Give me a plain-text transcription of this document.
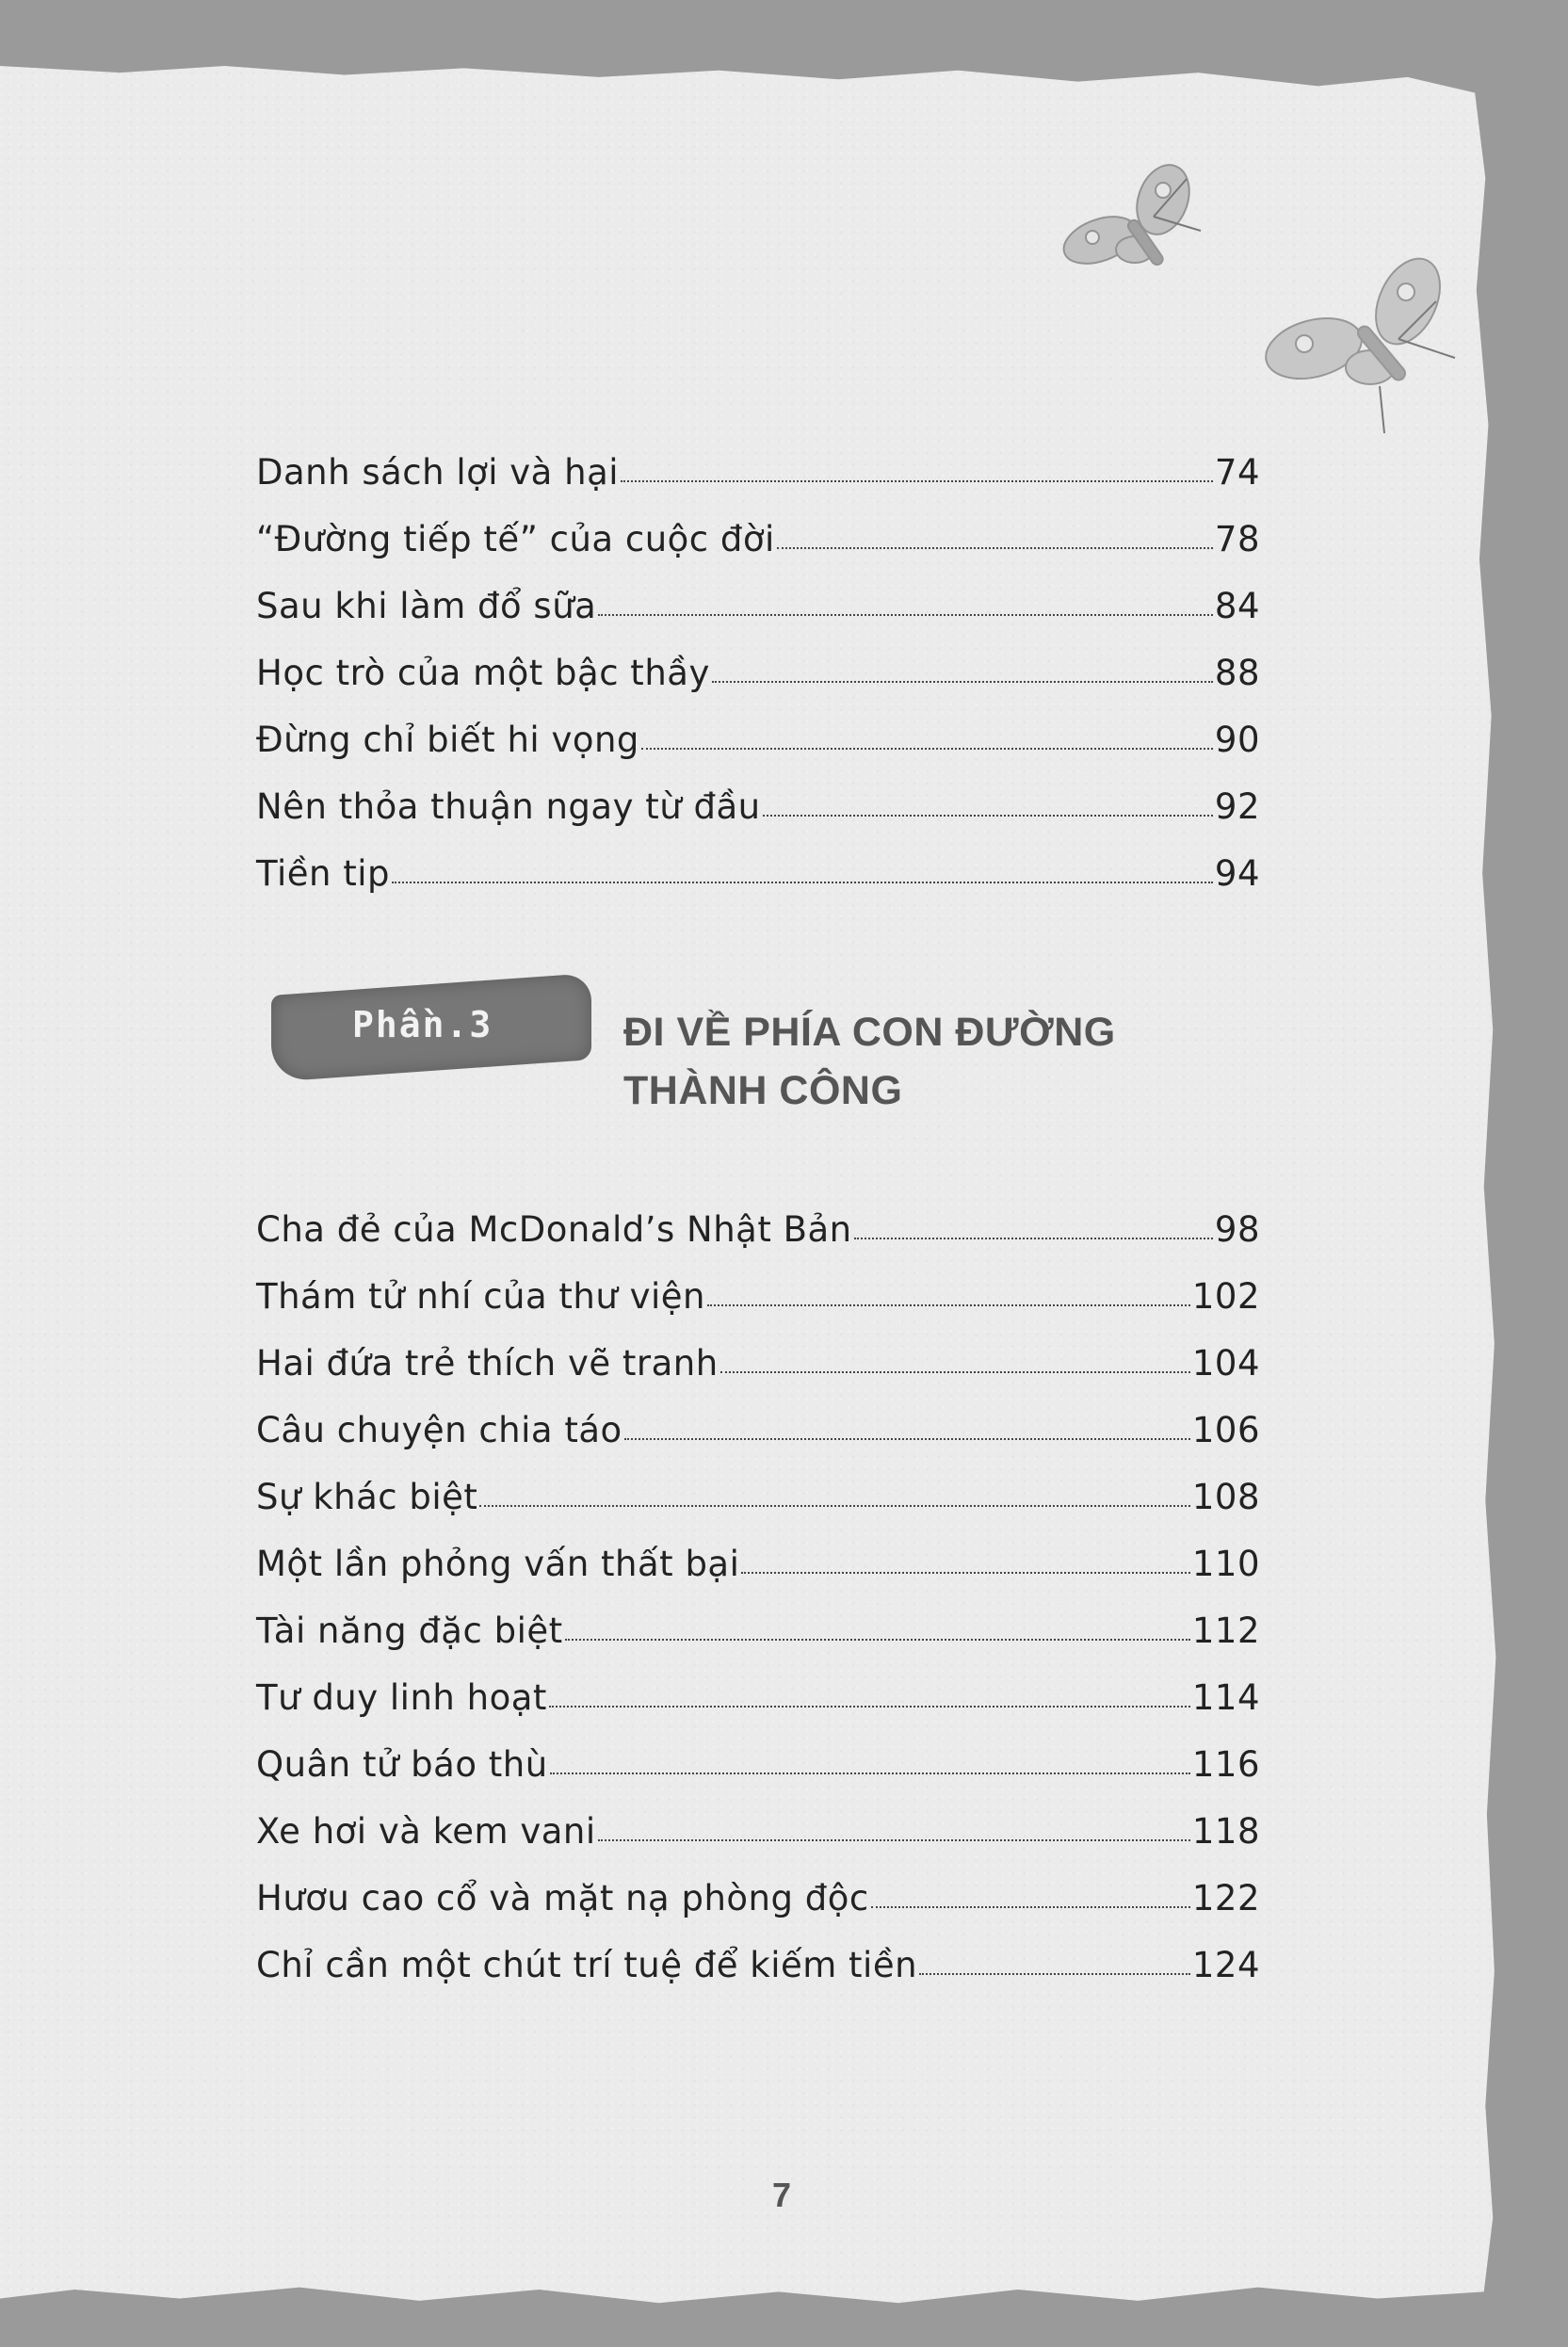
Danh sách lợi và hại	74
“Đường tiếp tế” của cuộc đời	78
Sau khi làm đổ sữa	84
Học trò của một bậc thầy	88
Đừng chỉ biết hi vọng	90
Nên thỏa thuận ngay từ đầu	92
Tiền tip	94
Phần.3	ĐI VỀ PHÍA CON ĐƯỜNG
THÀNH CÔNG
Cha đẻ của McDonald’s Nhật Bản	98
Thám tử nhí của thư viện	102
Hai đứa trẻ thích vẽ tranh	104
Câu chuyện chia táo	106
Sự khác biệt	108
Một lần phỏng vấn thất bại	110
Tài năng đặc biệt	112
Tư duy linh hoạt	114
Quân tử báo thù	116
Xe hơi và kem vani	118
Hươu cao cổ và mặt nạ phòng độc	122
Chỉ cần một chút trí tuệ để kiếm tiền	124
7
